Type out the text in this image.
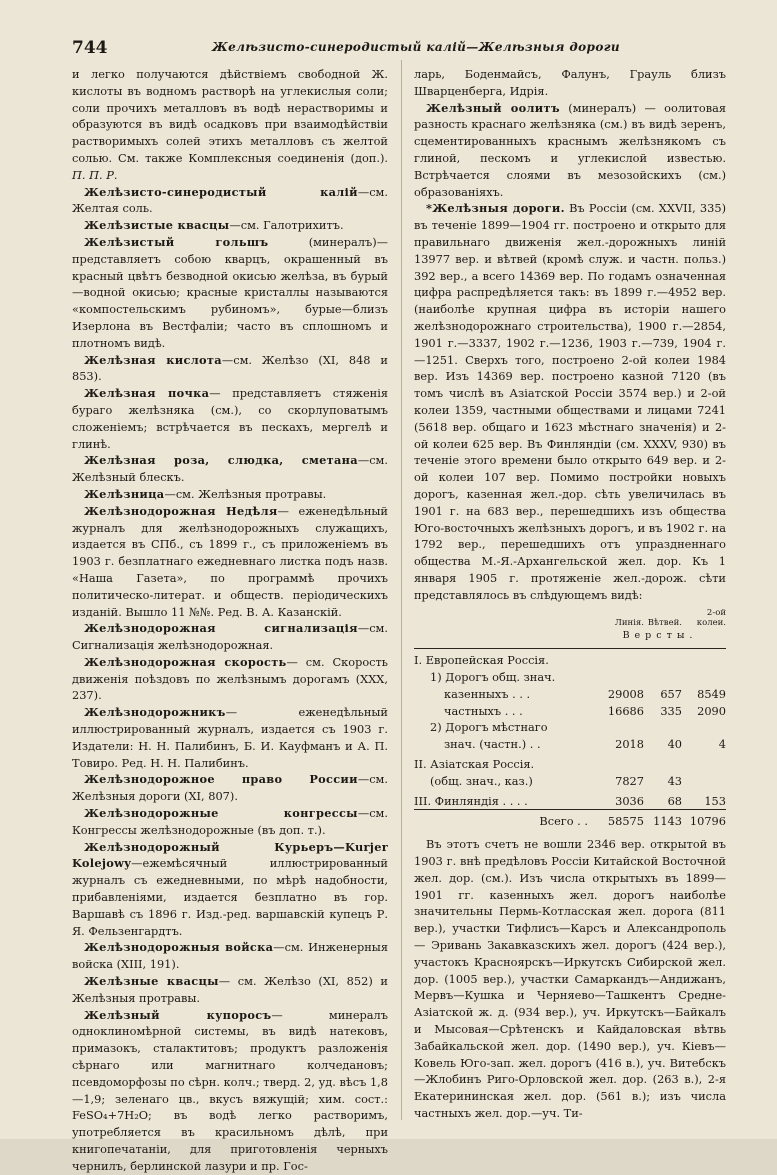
744	Желѣзисто-синеродистый калій—Желѣзныя дороги

и легко получаются дѣйствіемъ свободной Ж. кислоты въ водномъ растворѣ на углекислыя соли; соли прочихъ металловъ въ водѣ нерастворимы и образуются въ видѣ осадковъ при взаимодѣйствіи растворимыхъ солей этихъ металловъ съ желтой солью. См. также Комплексныя соединенія (доп.). П. П. Р.

Желѣзисто-синеродистый калій—см. Желтая соль.

Желѣзистые квасцы—см. Галотрихитъ.

Желѣзистый гольшъ	(минералъ)—представляетъ собою кварцъ, окрашенный въ красный цвѣтъ безводной окисью желѣза, въ бурый—водной окисью; красные кристаллы называются «компостельскимъ рубиномъ», бурые—близъ Изерлона въ Вестфаліи; часто въ сплошномъ и плотномъ видѣ.

Желѣзная кислота—см. Желѣзо (XI, 848 и 853).

Желѣзная почка— представляетъ стяженія бураго желѣзняка (см.), со скорлуповатымъ сложеніемъ; встрѣчается въ пескахъ, мергелѣ и глинѣ.

Желѣзная роза, слюдка, сметана—см. Желѣзный блескъ.

Желѣзница—см. Желѣзныя протравы.

Желѣзнодорожная Недѣля— еженедѣльный журналъ для желѣзнодорожныхъ служащихъ, издается въ СПб., съ 1899 г., съ приложеніемъ въ 1903 г. безплатнаго ежедневнаго листка подъ назв. «Наша Газета», по программѣ прочихъ политическо-литерат. и обществ. періодическихъ изданій. Вышло 11 №№. Ред. В. А. Казанскій.

Желѣзнодорожная сигнализація—см. Сигнализація желѣзнодорожная.

Желѣзнодорожная скорость— см. Скорость движенія поѣздовъ по желѣзнымъ дорогамъ (XXX, 237).

Желѣзнодорожникъ— еженедѣльный иллюстрированный журналъ, издается съ 1903 г. Издатели: Н. Н. Палибинъ, Б. И. Кауфманъ и А. П. Товиро. Ред. Н. Н. Палибинъ.

Желѣзнодорожное право России—см. Желѣзныя дороги (XI, 807).

Желѣзнодорожные конгрессы—см. Конгрессы желѣзнодорожные (въ доп. т.).

Желѣзнодорожный Курьеръ—Kurjer Kolejowy—ежемѣсячный иллюстрированный журналъ съ ежедневными, по мѣрѣ надобности, прибавленіями, издается безплатно въ гор. Варшавѣ съ 1896 г. Изд.-ред. варшавскій купецъ Р. Я. Фельзенгардтъ.

Желѣзнодорожныя войска—см. Инженерныя войска (XIII, 191).

Желѣзные квасцы— см. Желѣзо (XI, 852) и Желѣзныя протравы.

Желѣзный купоросъ— минералъ одноклиномѣрной системы, въ видѣ натековъ, примазокъ, сталактитовъ; продуктъ разложенія сѣрнаго или магнитнаго колчедановъ; псевдоморфозы по сѣрн. колч.; тверд. 2, уд. вѣсъ 1,8—1,9; зеленаго цв., вкусъ вяжущій; хим. сост.: FeSO₄+7H₂O; въ водѣ легко растворимъ, употребляется въ красильномъ дѣлѣ, при книгопечатаніи, для приготовленія черныхъ чернилъ, берлинской лазури и пр. Гос-

ларь, Боденмайсъ, Фалунъ, Грауль близъ Шварценберга, Идрія.

Желѣзный оолитъ (минералъ) — оолитовая разность краснаго желѣзняка (см.) въ видѣ зеренъ, сцементированныхъ краснымъ желѣзнякомъ съ глиной, пескомъ и углекислой известью. Встрѣчается слоями въ мезозойскихъ (см.) образованіяхъ.

*Желѣзныя дороги. Въ Россіи (см. XXVII, 335) въ теченіе 1899—1904 гг. построено и открыто для правильнаго движенія жел.-дорожныхъ линій 13977 вер. и вѣтвей (кромѣ служ. и частн. польз.) 392 вер., а всего 14369 вер. По годамъ означенная цифра распредѣляется такъ: въ 1899 г.—4952 вер. (наиболѣе крупная цифра въ исторіи нашего желѣзнодорожнаго строительства), 1900 г.—2854, 1901 г.—3337, 1902 г.—1236, 1903 г.—739, 1904 г.—1251. Сверхъ того, построено 2-ой колеи 1984 вер. Изъ 14369 вер. построено казной 7120 (въ томъ числѣ въ Азіатской Россіи 3574 вер.) и 2-ой колеи 1359, частными обществами и лицами 7241 (5618 вер. общаго и 1623 мѣстнаго значенія) и 2-ой колеи 625 вер. Въ Финляндіи (см. XXXV, 930) въ теченіе этого времени было открыто 649 вер. и 2-ой колеи 107 вер. Помимо постройки новыхъ дорогъ, казенная жел.-дор. сѣть увеличилась въ 1901 г. на 683 вер., перешедшихъ изъ общества Юго-восточныхъ желѣзныхъ дорогъ, и въ 1902 г. на 1792 вер., перешедшихъ отъ упраздненнаго общества М.-Я.-Архангельской жел. дор. Къ 1 января 1905 г. протяженіе жел.-дорож. сѣти представлялось въ слѣдующемъ видѣ:

	Линія.	Вѣтвей.	2-ой колеи.
	Версты.		
I. Европейская Россія.			
1) Дорогъ общ. знач.			
казенныхъ . . .	29008	657	8549
частныхъ . . .	16686	335	2090
2) Дорогъ мѣстнаго			
знач. (частн.) . .	2018	40	4
II. Азіатская Россія.			
(общ. знач., каз.)	7827	43	
III. Финляндія . . . .	3036	68	153
Всего . .	58575	1143	10796

Въ этотъ счетъ не вошли 2346 вер. открытой въ 1903 г. внѣ предѣловъ Россіи Китайской Восточной жел. дор. (см.). Изъ числа открытыхъ въ 1899—1901 гг. казенныхъ жел. дорогъ наиболѣе значительны Пермь-Котласская жел. дорога (811 вер.), участки Тифлисъ—Карсъ и Александрополь — Эривань Закавказскихъ жел. дорогъ (424 вер.), участокъ Красноярскъ—Иркутскъ Сибирской жел. дор. (1005 вер.), участки Самаркандъ—Андижанъ, Мервъ—Кушка и Черняево—Ташкентъ Средне-Азіатской ж. д. (934 вер.), уч. Иркутскъ—Байкалъ и Мысовая—Срѣтенскъ и Кайдаловская вѣтвь Забайкальской жел. дор. (1490 вер.), уч. Кіевъ—Ковель Юго-зап. жел. дорогъ (416 в.), уч. Витебскъ—Жлобинъ Риго-Орловской жел. дор. (263 в.), 2-я Екатерининская жел. дор. (561 в.); изъ числа частныхъ жел. дор.—уч. Ти-
